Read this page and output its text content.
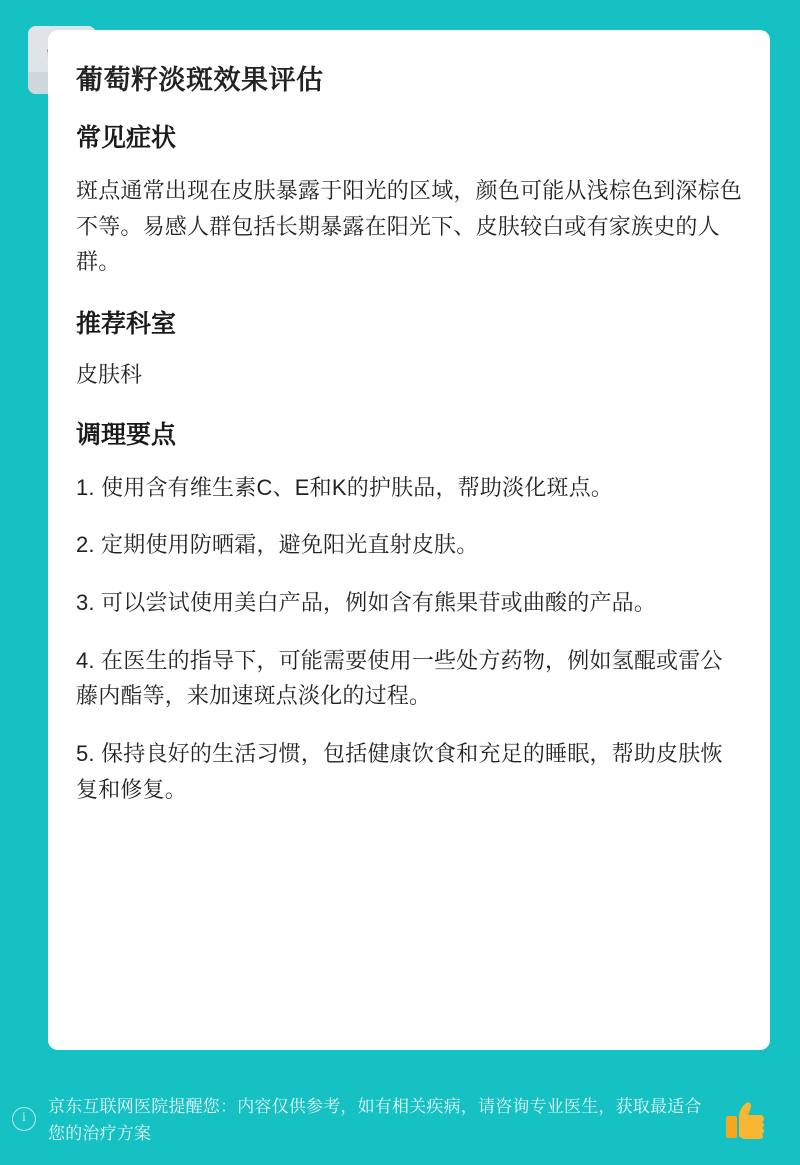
葡萄籽淡斑效果评估
常见症状

斑点通常出现在皮肤暴露于阳光的区域，颜色可能从浅棕色到深棕色不等。易感人群包括长期暴露在阳光下、皮肤较白或有家族史的人群。

推荐科室

皮肤科

调理要点
1. 使用含有维生素C、E和K的护肤品，帮助淡化斑点。
2. 定期使用防晒霜，避免阳光直射皮肤。
3. 可以尝试使用美白产品，例如含有熊果苷或曲酸的产品。
4. 在医生的指导下，可能需要使用一些处方药物，例如氢醌或雷公藤内酯等，来加速斑点淡化的过程。
5. 保持良好的生活习惯，包括健康饮食和充足的睡眠，帮助皮肤恢复和修复。
i
京东互联网医院提醒您：内容仅供参考，如有相关疾病，请咨询专业医生，获取最适合您的治疗方案
